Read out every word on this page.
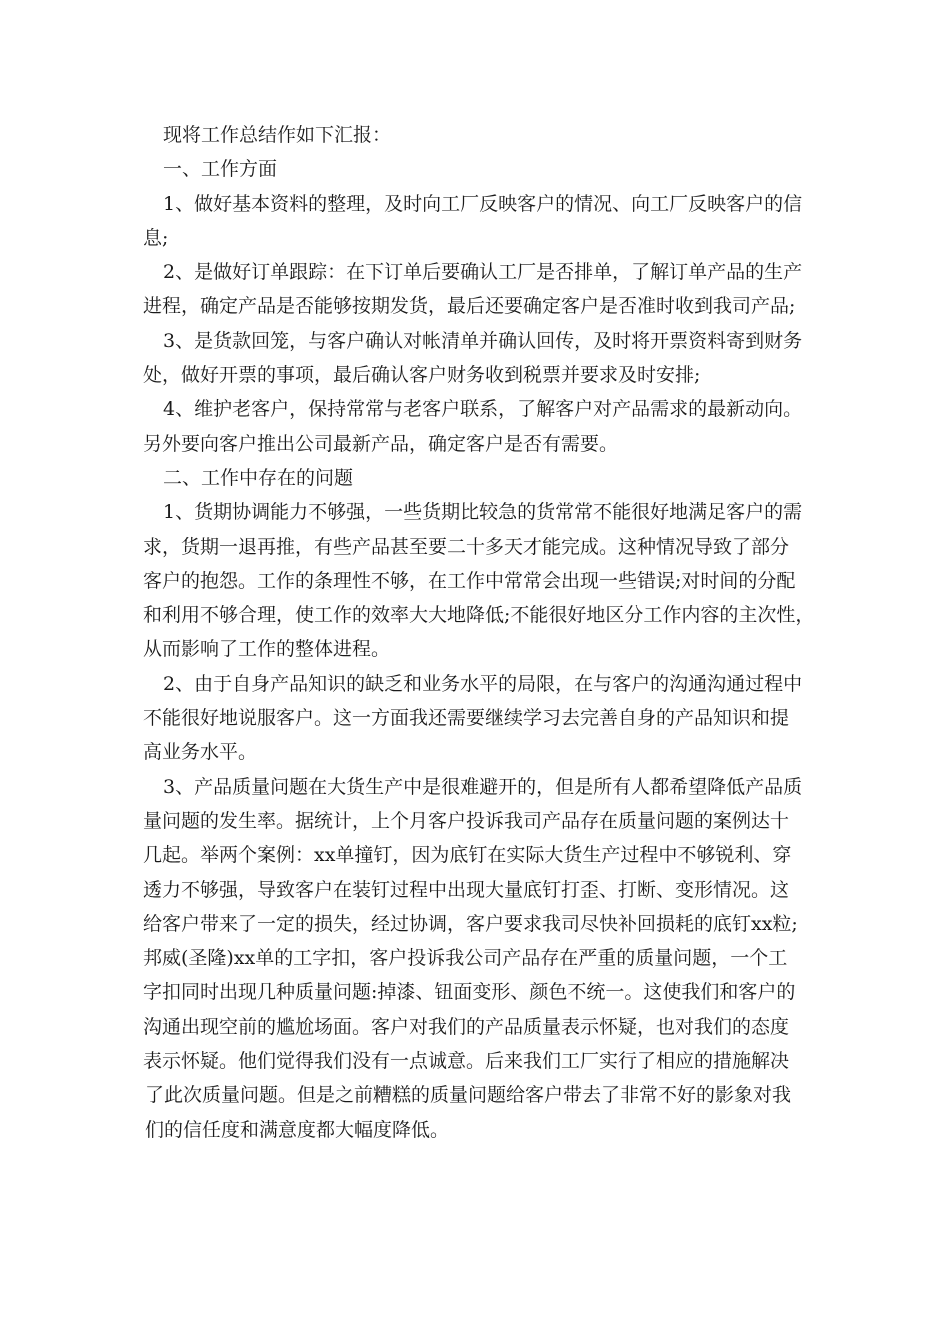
现将工作总结作如下汇报：
一、工作方面
1、做好基本资料的整理，及时向工厂反映客户的情况、向工厂反映客户的信
息;
2、是做好订单跟踪：在下订单后要确认工厂是否排单，了解订单产品的生产
进程，确定产品是否能够按期发货，最后还要确定客户是否准时收到我司产品;
3、是货款回笼，与客户确认对帐清单并确认回传，及时将开票资料寄到财务
处，做好开票的事项，最后确认客户财务收到税票并要求及时安排;
4、维护老客户，保持常常与老客户联系，了解客户对产品需求的最新动向。
另外要向客户推出公司最新产品，确定客户是否有需要。
二、工作中存在的问题
1、货期协调能力不够强，一些货期比较急的货常常不能很好地满足客户的需
求，货期一退再推，有些产品甚至要二十多天才能完成。这种情况导致了部分
客户的抱怨。工作的条理性不够，在工作中常常会出现一些错误;对时间的分配
和利用不够合理，使工作的效率大大地降低;不能很好地区分工作内容的主次性，
从而影响了工作的整体进程。
2、由于自身产品知识的缺乏和业务水平的局限，在与客户的沟通沟通过程中
不能很好地说服客户。这一方面我还需要继续学习去完善自身的产品知识和提
高业务水平。
3、产品质量问题在大货生产中是很难避开的，但是所有人都希望降低产品质
量问题的发生率。据统计，上个月客户投诉我司产品存在质量问题的案例达十
几起。举两个案例：xx单撞钉，因为底钉在实际大货生产过程中不够锐利、穿
透力不够强，导致客户在装钉过程中出现大量底钉打歪、打断、变形情况。这
给客户带来了一定的损失，经过协调，客户要求我司尽快补回损耗的底钉xx粒;
邦威(圣隆)xx单的工字扣，客户投诉我公司产品存在严重的质量问题，一个工
字扣同时出现几种质量问题:掉漆、钮面变形、颜色不统一。这使我们和客户的
沟通出现空前的尴尬场面。客户对我们的产品质量表示怀疑，也对我们的态度
表示怀疑。他们觉得我们没有一点诚意。后来我们工厂实行了相应的措施解决
了此次质量问题。但是之前糟糕的质量问题给客户带去了非常不好的影象对我
们的信任度和满意度都大幅度降低。
